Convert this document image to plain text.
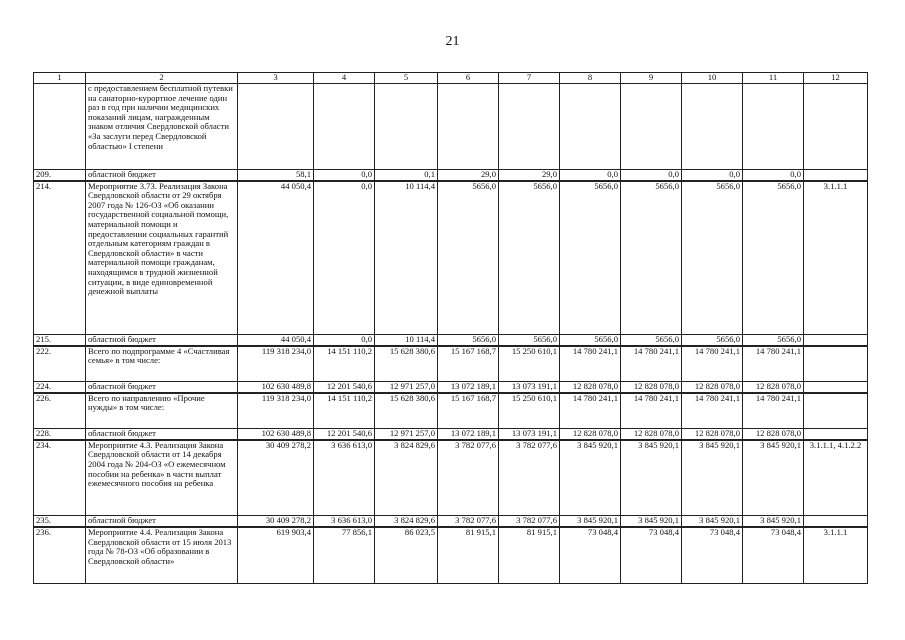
21
1	2	3	4	5	6	7	8	9	10	11	12
	с предоставлением бесплатной путевки на санаторно-курортное лечение один раз в год при наличии медицинских показаний лицам, награжденным знаком отличия Свердловской области «За заслуги перед Свердловской областью» I степени										
209.	областной бюджет	58,1	0,0	0,1	29,0	29,0	0,0	0,0	0,0	0,0	
214.	Мероприятие 3.73. Реализация Закона Свердловской области от 29 октября 2007 года № 126-ОЗ «Об оказании государственной социальной помощи, материальной помощи и предоставлении социальных гарантий отдельным категориям граждан в Свердловской области» в части материальной помощи гражданам, находящимся в трудной жизненной ситуации, в виде единовременной денежной выплаты	44 050,4	0,0	10 114,4	5656,0	5656,0	5656,0	5656,0	5656,0	5656,0	3.1.1.1
215.	областной бюджет	44 050,4	0,0	10 114,4	5656,0	5656,0	5656,0	5656,0	5656,0	5656,0	
222.	Всего по подпрограмме 4 «Счастливая семья» в том числе:	119 318 234,0	14 151 110,2	15 628 380,6	15 167 168,7	15 250 610,1	14 780 241,1	14 780 241,1	14 780 241,1	14 780 241,1	
224.	областной бюджет	102 630 489,8	12 201 540,6	12 971 257,0	13 072 189,1	13 073 191,1	12 828 078,0	12 828 078,0	12 828 078,0	12 828 078,0	
226.	Всего по направлению «Прочие нужды» в том числе:	119 318 234,0	14 151 110,2	15 628 380,6	15 167 168,7	15 250 610,1	14 780 241,1	14 780 241,1	14 780 241,1	14 780 241,1	
228.	областной бюджет	102 630 489,8	12 201 540,6	12 971 257,0	13 072 189,1	13 073 191,1	12 828 078,0	12 828 078,0	12 828 078,0	12 828 078,0	
234.	Мероприятие 4.3. Реализация Закона Свердловской области от 14 декабря 2004 года № 204-ОЗ «О ежемесячном пособии на ребенка» в части выплат ежемесячного пособия на ребенка	30 409 278,2	3 636 613,0	3 824 829,6	3 782 077,6	3 782 077,6	3 845 920,1	3 845 920,1	3 845 920,1	3 845 920,1	3.1.1.1, 4.1.2.2
235.	областной бюджет	30 409 278,2	3 636 613,0	3 824 829,6	3 782 077,6	3 782 077,6	3 845 920,1	3 845 920,1	3 845 920,1	3 845 920,1	
236.	Мероприятие 4.4. Реализация Закона Свердловской области от 15 июля 2013 года № 78-ОЗ «Об образовании в Свердловской области»	619 903,4	77 856,1	86 023,5	81 915,1	81 915,1	73 048,4	73 048,4	73 048,4	73 048,4	3.1.1.1
